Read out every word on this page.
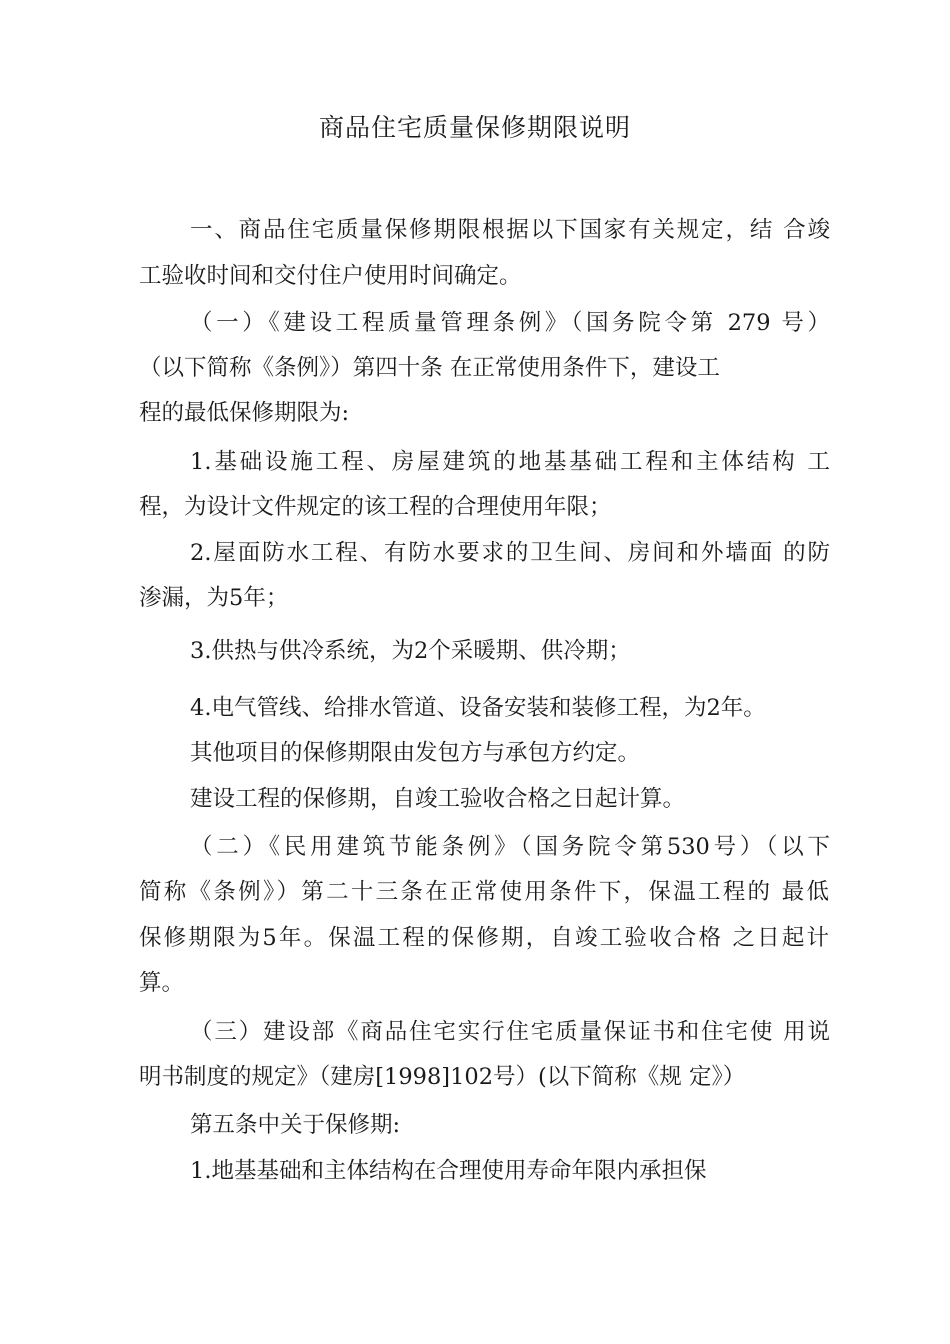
商品住宅质量保修期限说明
一、商品住宅质量保修期限根据以下国家有关规定，结 合竣
工验收时间和交付住户使用时间确定。
（一）《建设工程质量管理条例》（国务院令第 279 号）
（以下简称《条例》）第四十条 在正常使用条件下，建设工
程的最低保修期限为:
1.基础设施工程、房屋建筑的地基基础工程和主体结构 工
程，为设计文件规定的该工程的合理使用年限；
2.屋面防水工程、有防水要求的卫生间、房间和外墙面 的防
渗漏，为5年；
3.供热与供冷系统，为2个采暖期、供冷期；
4.电气管线、给排水管道、设备安装和装修工程，为2年。
其他项目的保修期限由发包方与承包方约定。
建设工程的保修期，自竣工验收合格之日起计算。
（二）《民用建筑节能条例》（国务院令第530号）（以下
简称《条例》）第二十三条在正常使用条件下，保温工程的 最低
保修期限为5年。保温工程的保修期，自竣工验收合格 之日起计
算。
（三）建设部《商品住宅实行住宅质量保证书和住宅使 用说
明书制度的规定》（建房[1998]102号）(以下简称《规 定》）
第五条中关于保修期:
1.地基基础和主体结构在合理使用寿命年限内承担保
